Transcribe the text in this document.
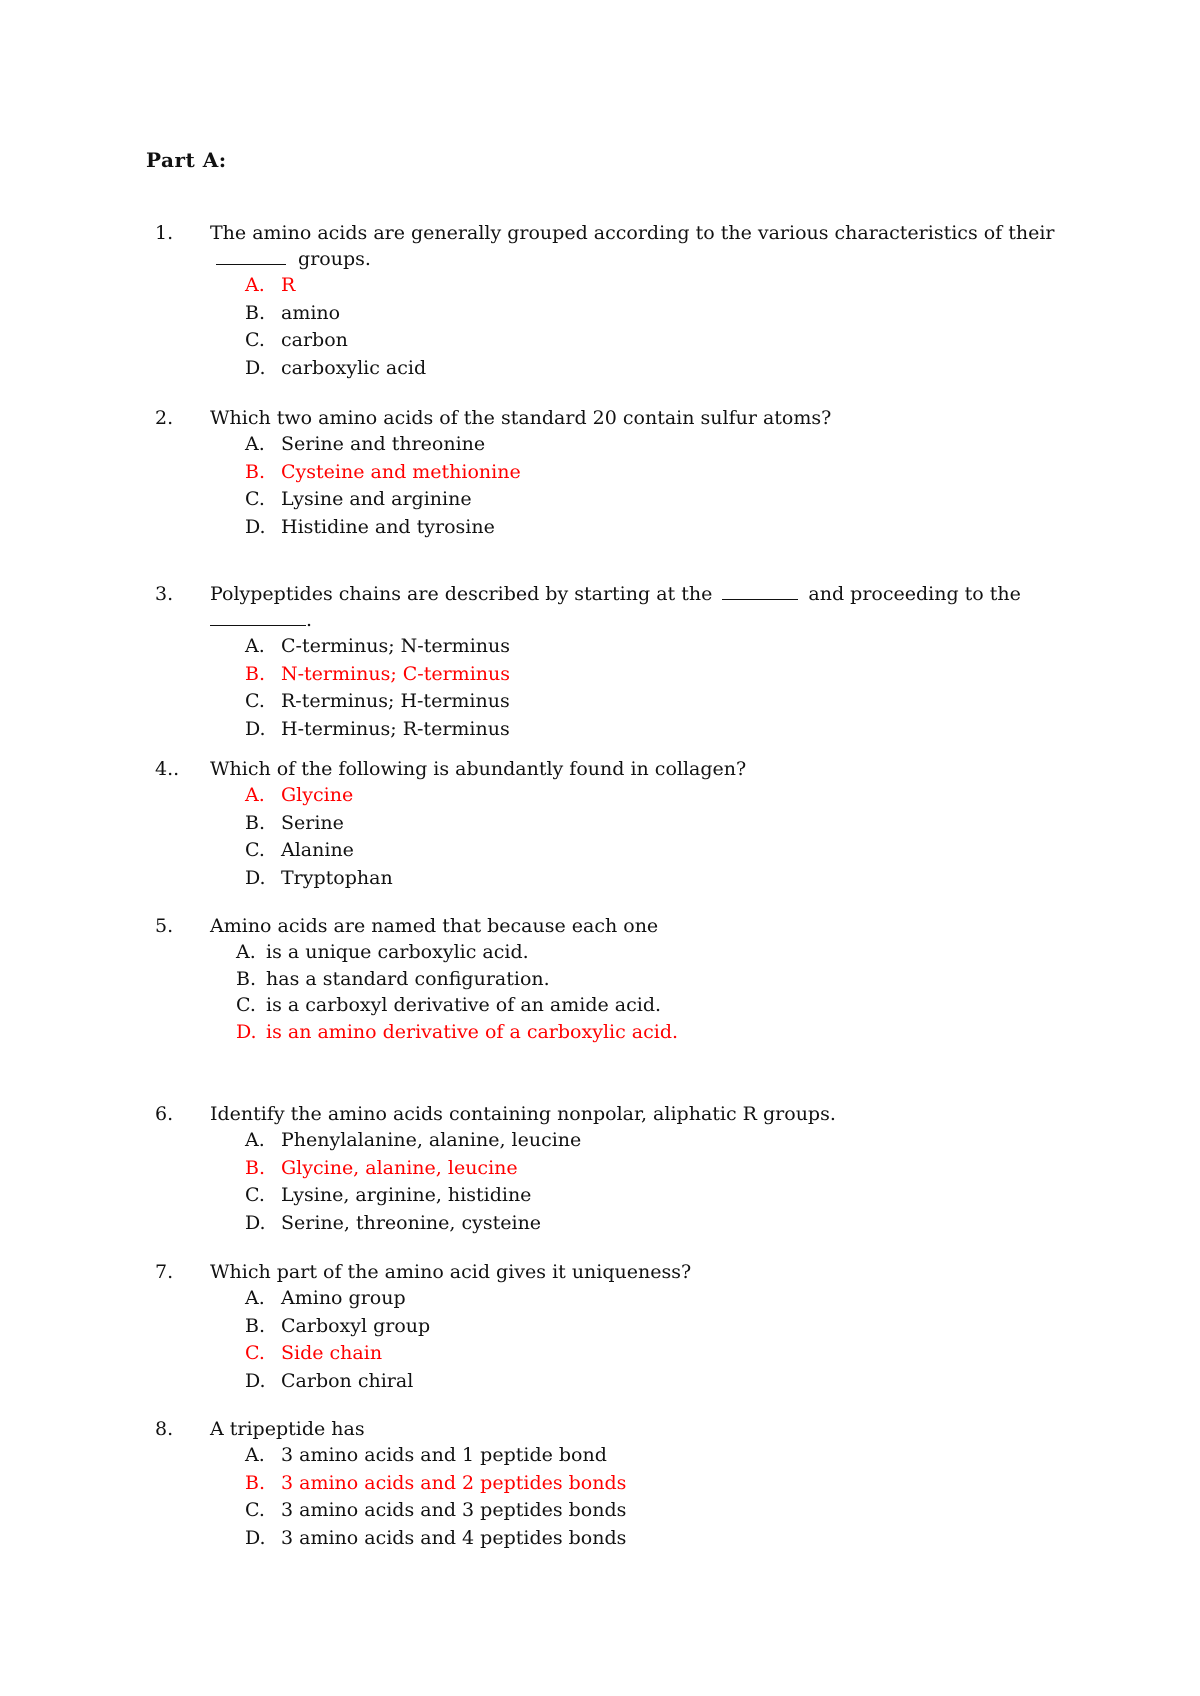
Part A:
1. The amino acids are generally grouped according to the various characteristics of their  groups.
A. R
B. amino
C. carbon
D. carboxylic acid
2. Which two amino acids of the standard 20 contain sulfur atoms?
A. Serine and threonine
B. Cysteine and methionine
C. Lysine and arginine
D. Histidine and tyrosine
3. Polypeptides chains are described by starting at the	and proceeding to the
.
A. C-terminus; N-terminus
B. N-terminus; C-terminus
C. R-terminus; H-terminus
D. H-terminus; R-terminus
4.. Which of the following is abundantly found in collagen?
A. Glycine
B. Serine
C. Alanine
D. Tryptophan
5. Amino acids are named that because each one
A. is a unique carboxylic acid.
B. has a standard configuration.
C. is a carboxyl derivative of an amide acid.
D. is an amino derivative of a carboxylic acid.
6. Identify the amino acids containing nonpolar, aliphatic R groups.
A. Phenylalanine, alanine, leucine
B. Glycine, alanine, leucine
C. Lysine, arginine, histidine
D. Serine, threonine, cysteine
7. Which part of the amino acid gives it uniqueness?
A. Amino group
B. Carboxyl group
C. Side chain
D. Carbon chiral
8. A tripeptide has
A. 3 amino acids and 1 peptide bond
B. 3 amino acids and 2 peptides bonds
C. 3 amino acids and 3 peptides bonds
D. 3 amino acids and 4 peptides bonds
